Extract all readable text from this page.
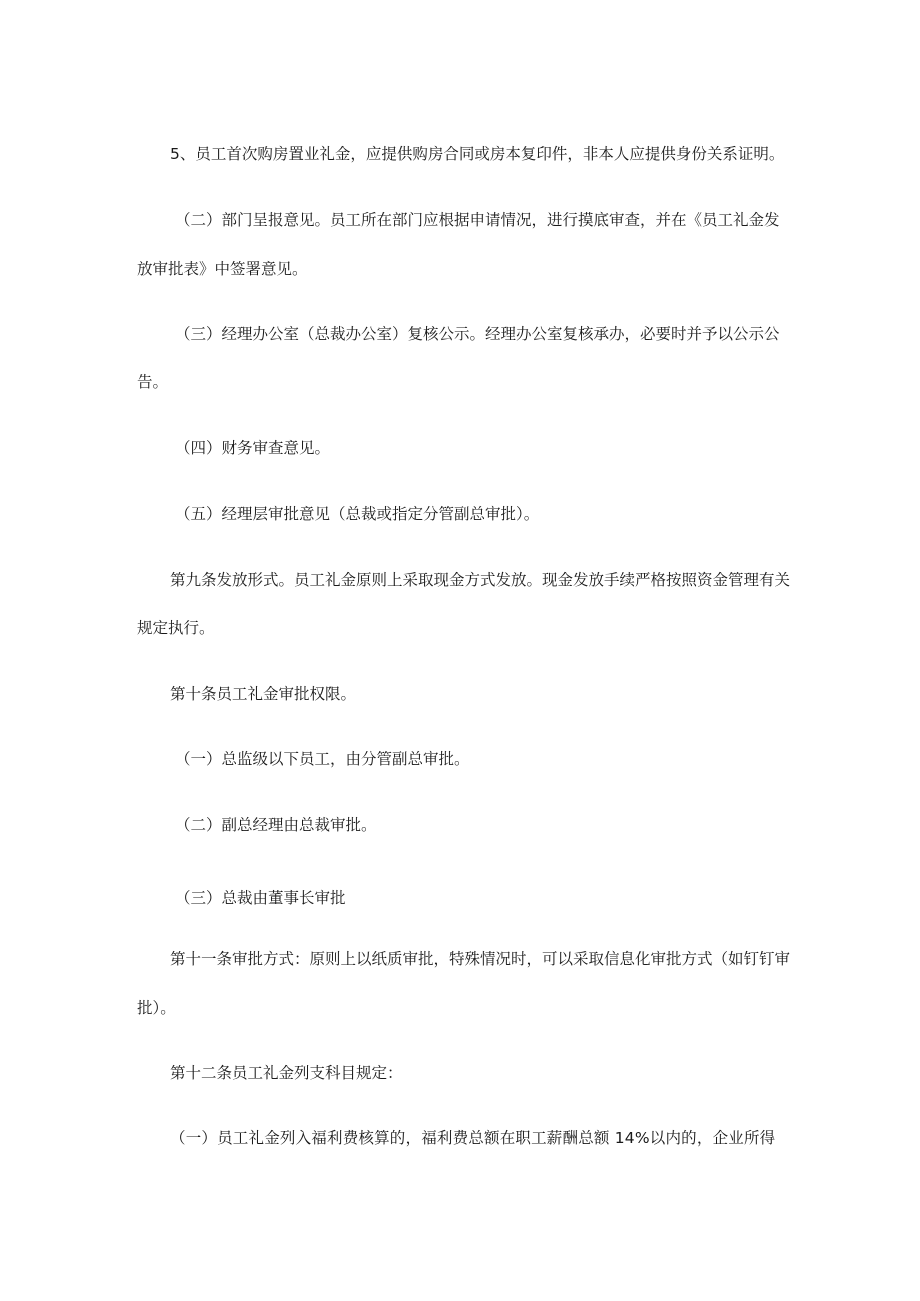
5、员工首次购房置业礼金，应提供购房合同或房本复印件，非本人应提供身份关系证明。
（二）部门呈报意见。员工所在部门应根据申请情况，进行摸底审查，并在《员工礼金发
放审批表》中签署意见。
（三）经理办公室（总裁办公室）复核公示。经理办公室复核承办，必要时并予以公示公
告。
（四）财务审查意见。
（五）经理层审批意见（总裁或指定分管副总审批）。
第九条发放形式。员工礼金原则上采取现金方式发放。现金发放手续严格按照资金管理有关
规定执行。
第十条员工礼金审批权限。
（一）总监级以下员工，由分管副总审批。
（二）副总经理由总裁审批。
（三）总裁由董事长审批
第十一条审批方式：原则上以纸质审批，特殊情况时，可以采取信息化审批方式（如钉钉审
批）。
第十二条员工礼金列支科目规定：
（一）员工礼金列入福利费核算的，福利费总额在职工薪酬总额 14%以内的，企业所得
